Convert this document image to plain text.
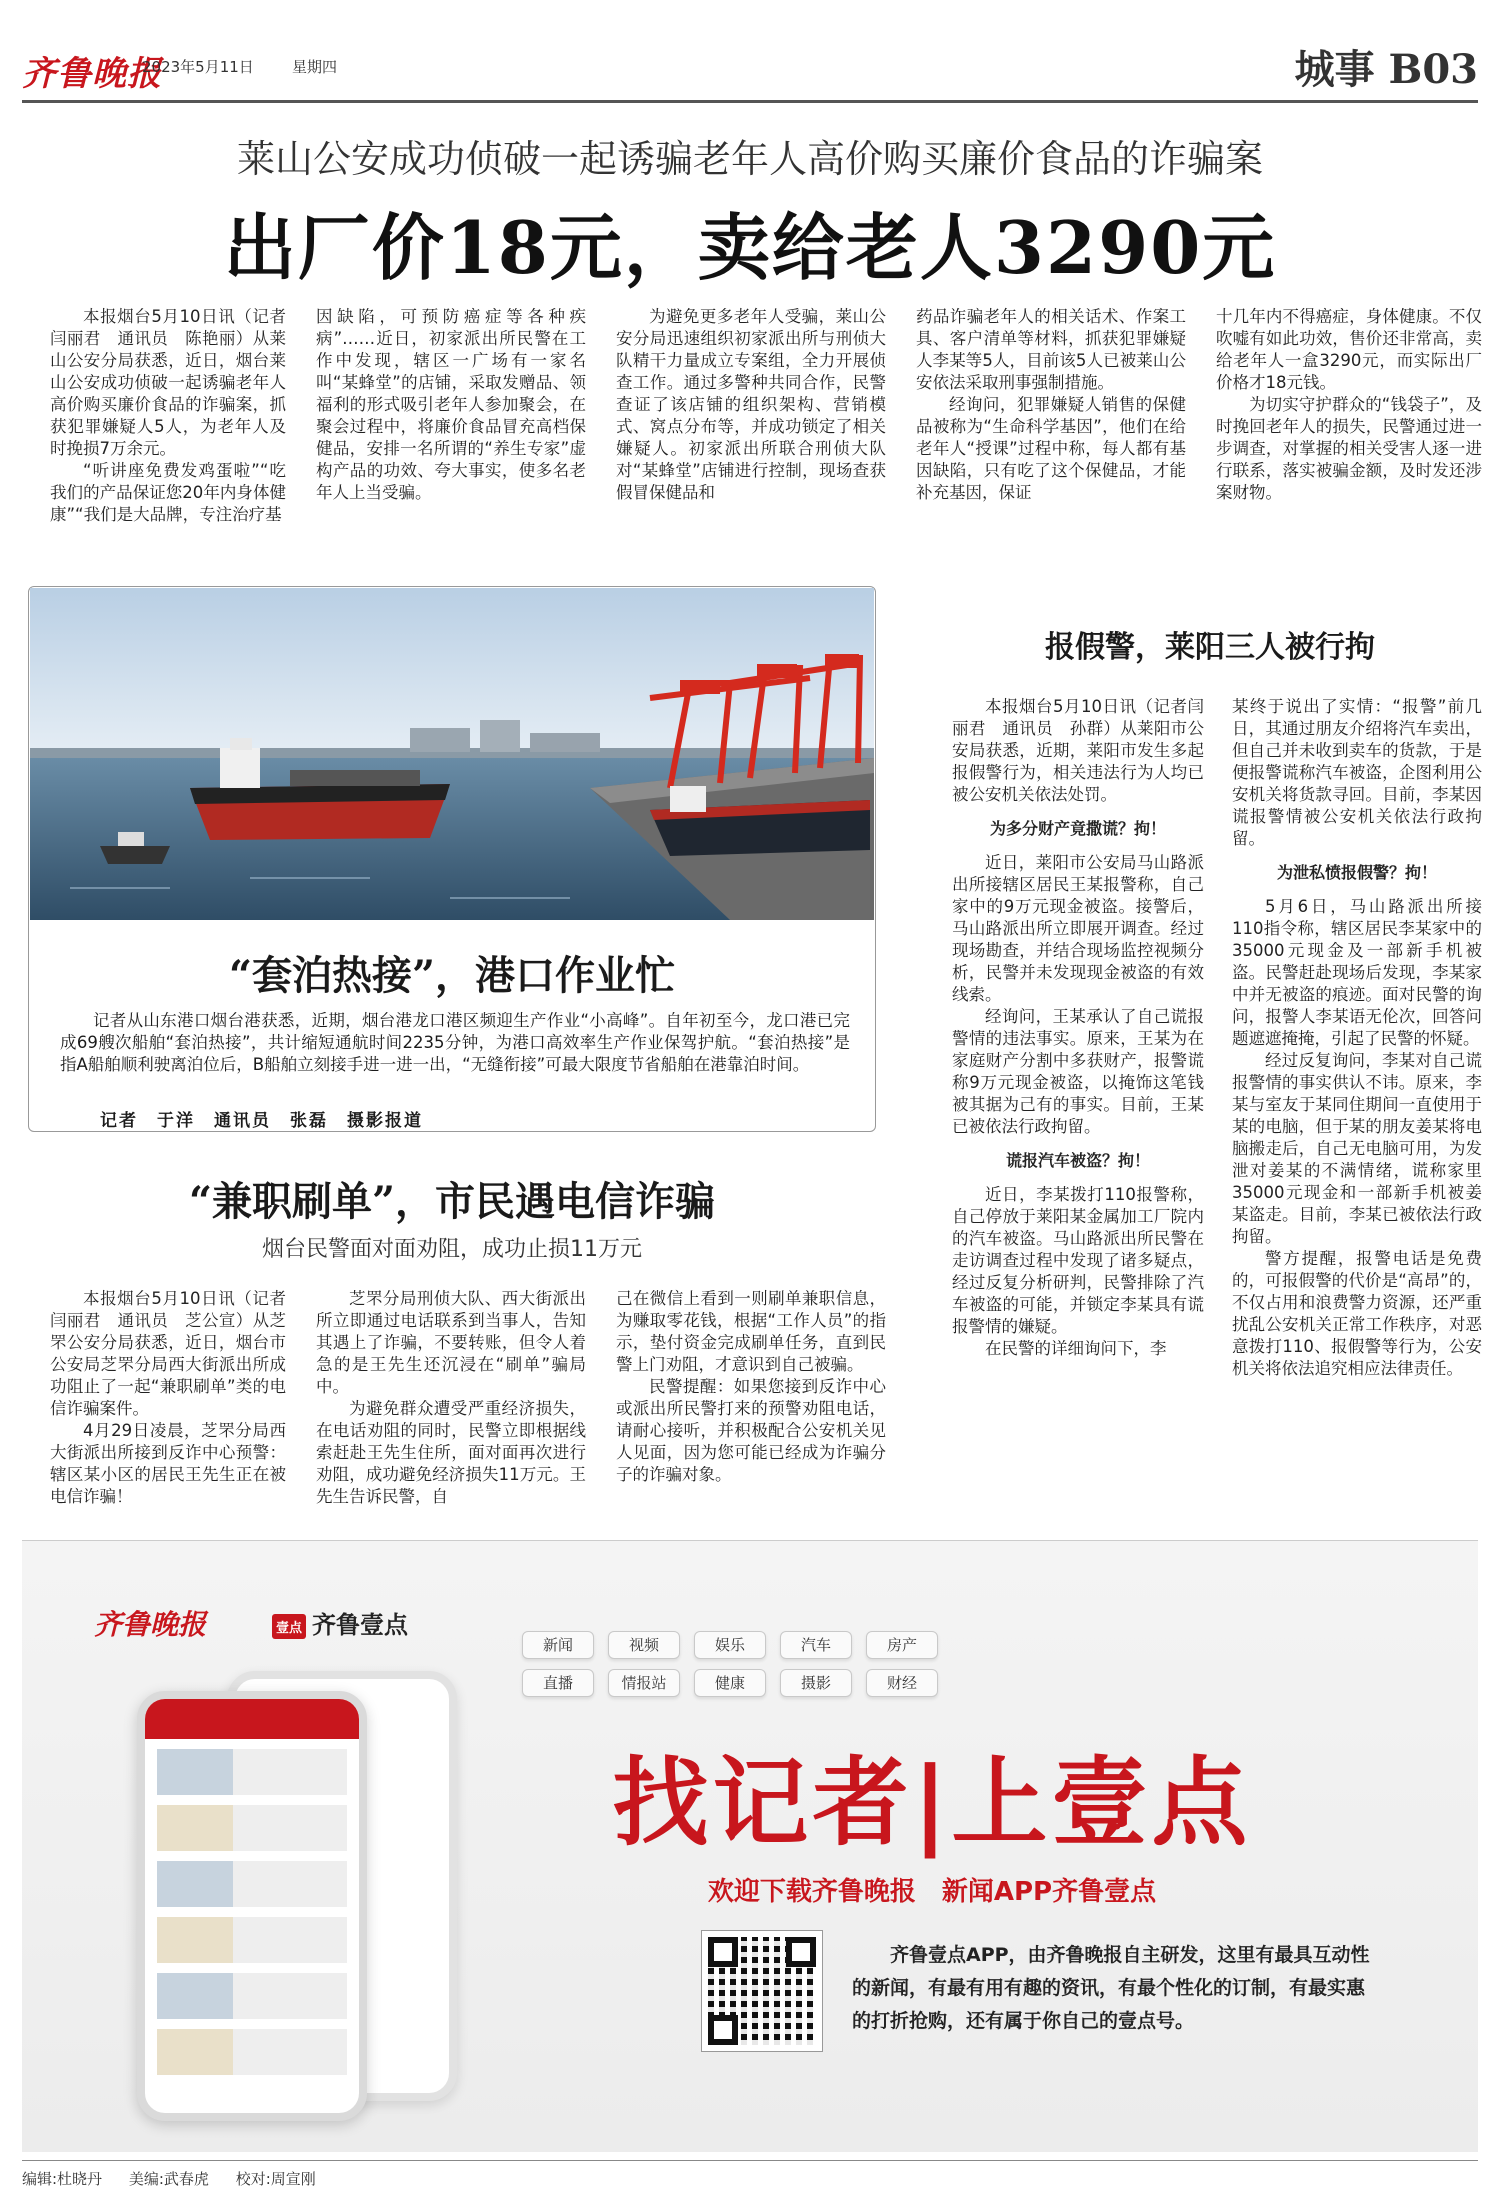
齐鲁晚报
2023年5月11日	星期四	城事 B03
莱山公安成功侦破一起诱骗老年人高价购买廉价食品的诈骗案
出厂价18元，卖给老人3290元

本报烟台5月10日讯（记者闫丽君　通讯员　陈艳丽）从莱山公安分局获悉，近日，烟台莱山公安成功侦破一起诱骗老年人高价购买廉价食品的诈骗案，抓获犯罪嫌疑人5人，为老年人及时挽损7万余元。

“听讲座免费发鸡蛋啦”“吃我们的产品保证您20年内身体健康”“我们是大品牌，专注治疗基

因缺陷，可预防癌症等各种疾病”……近日，初家派出所民警在工作中发现，辖区一广场有一家名叫“某蜂堂”的店铺，采取发赠品、领福利的形式吸引老年人参加聚会，在聚会过程中，将廉价食品冒充高档保健品，安排一名所谓的“养生专家”虚构产品的功效、夸大事实，使多名老年人上当受骗。

为避免更多老年人受骗，莱山公安分局迅速组织初家派出所与刑侦大队精干力量成立专案组，全力开展侦查工作。通过多警种共同合作，民警查证了该店铺的组织架构、营销模式、窝点分布等，并成功锁定了相关嫌疑人。初家派出所联合刑侦大队对“某蜂堂”店铺进行控制，现场查获假冒保健品和

药品诈骗老年人的相关话术、作案工具、客户清单等材料，抓获犯罪嫌疑人李某等5人，目前该5人已被莱山公安依法采取刑事强制措施。

经询问，犯罪嫌疑人销售的保健品被称为“生命科学基因”，他们在给老年人“授课”过程中称，每人都有基因缺陷，只有吃了这个保健品，才能补充基因，保证

十几年内不得癌症，身体健康。不仅吹嘘有如此功效，售价还非常高，卖给老年人一盒3290元，而实际出厂价格才18元钱。

为切实守护群众的“钱袋子”，及时挽回老年人的损失，民警通过进一步调查，对掌握的相关受害人逐一进行联系，落实被骗金额，及时发还涉案财物。

“套泊热接”，港口作业忙

记者从山东港口烟台港获悉，近期，烟台港龙口港区频迎生产作业“小高峰”。自年初至今，龙口港已完成69艘次船舶“套泊热接”，共计缩短通航时间2235分钟，为港口高效率生产作业保驾护航。“套泊热接”是指A船舶顺利驶离泊位后，B船舶立刻接手进一进一出，“无缝衔接”可最大限度节省船舶在港靠泊时间。

记者　于洋　通讯员　张磊　摄影报道
“兼职刷单”，市民遇电信诈骗
烟台民警面对面劝阻，成功止损11万元

本报烟台5月10日讯（记者闫丽君　通讯员　芝公宣）从芝罘公安分局获悉，近日，烟台市公安局芝罘分局西大街派出所成功阻止了一起“兼职刷单”类的电信诈骗案件。

4月29日凌晨，芝罘分局西大街派出所接到反诈中心预警：辖区某小区的居民王先生正在被电信诈骗！

芝罘分局刑侦大队、西大街派出所立即通过电话联系到当事人，告知其遇上了诈骗，不要转账，但令人着急的是王先生还沉浸在“刷单”骗局中。

为避免群众遭受严重经济损失，在电话劝阻的同时，民警立即根据线索赶赴王先生住所，面对面再次进行劝阻，成功避免经济损失11万元。王先生告诉民警，自

己在微信上看到一则刷单兼职信息，为赚取零花钱，根据“工作人员”的指示，垫付资金完成刷单任务，直到民警上门劝阻，才意识到自己被骗。

民警提醒：如果您接到反诈中心或派出所民警打来的预警劝阻电话，请耐心接听，并积极配合公安机关见人见面，因为您可能已经成为诈骗分子的诈骗对象。

报假警，莱阳三人被行拘

本报烟台5月10日讯（记者闫丽君　通讯员　孙群）从莱阳市公安局获悉，近期，莱阳市发生多起报假警行为，相关违法行为人均已被公安机关依法处罚。

为多分财产竟撒谎？拘！

近日，莱阳市公安局马山路派出所接辖区居民王某报警称，自己家中的9万元现金被盗。接警后，马山路派出所立即展开调查。经过现场勘查，并结合现场监控视频分析，民警并未发现现金被盗的有效线索。

经询问，王某承认了自己谎报警情的违法事实。原来，王某为在家庭财产分割中多获财产，报警谎称9万元现金被盗，以掩饰这笔钱被其据为己有的事实。目前，王某已被依法行政拘留。

谎报汽车被盗？拘！

近日，李某拨打110报警称，自己停放于莱阳某金属加工厂院内的汽车被盗。马山路派出所民警在走访调查过程中发现了诸多疑点，经过反复分析研判，民警排除了汽车被盗的可能，并锁定李某具有谎报警情的嫌疑。

在民警的详细询问下，李

某终于说出了实情：“报警”前几日，其通过朋友介绍将汽车卖出，但自己并未收到卖车的货款，于是便报警谎称汽车被盗，企图利用公安机关将货款寻回。目前，李某因谎报警情被公安机关依法行政拘留。

为泄私愤报假警？拘！

5月6日，马山路派出所接110指令称，辖区居民李某家中的35000元现金及一部新手机被盗。民警赶赴现场后发现，李某家中并无被盗的痕迹。面对民警的询问，报警人李某语无伦次，回答问题遮遮掩掩，引起了民警的怀疑。

经过反复询问，李某对自己谎报警情的事实供认不讳。原来，李某与室友于某同住期间一直使用于某的电脑，但于某的朋友姜某将电脑搬走后，自己无电脑可用，为发泄对姜某的不满情绪，谎称家里35000元现金和一部新手机被姜某盗走。目前，李某已被依法行政拘留。

警方提醒，报警电话是免费的，可报假警的代价是“高昂”的，不仅占用和浪费警力资源，还严重扰乱公安机关正常工作秩序，对恶意拨打110、报假警等行为，公安机关将依法追究相应法律责任。

齐鲁晚报	壹点 齐鲁壹点
新闻	视频	娱乐	汽车	房产 直播	情报站	健康	摄影	财经
找记者|上壹点
欢迎下载齐鲁晚报　新闻APP齐鲁壹点
齐鲁壹点APP，由齐鲁晚报自主研发，这里有最具互动性的新闻，有最有用有趣的资讯，有最个性化的订制，有最实惠的打折抢购，还有属于你自己的壹点号。
编辑:杜晓丹 美编:武春虎 校对:周宣刚
